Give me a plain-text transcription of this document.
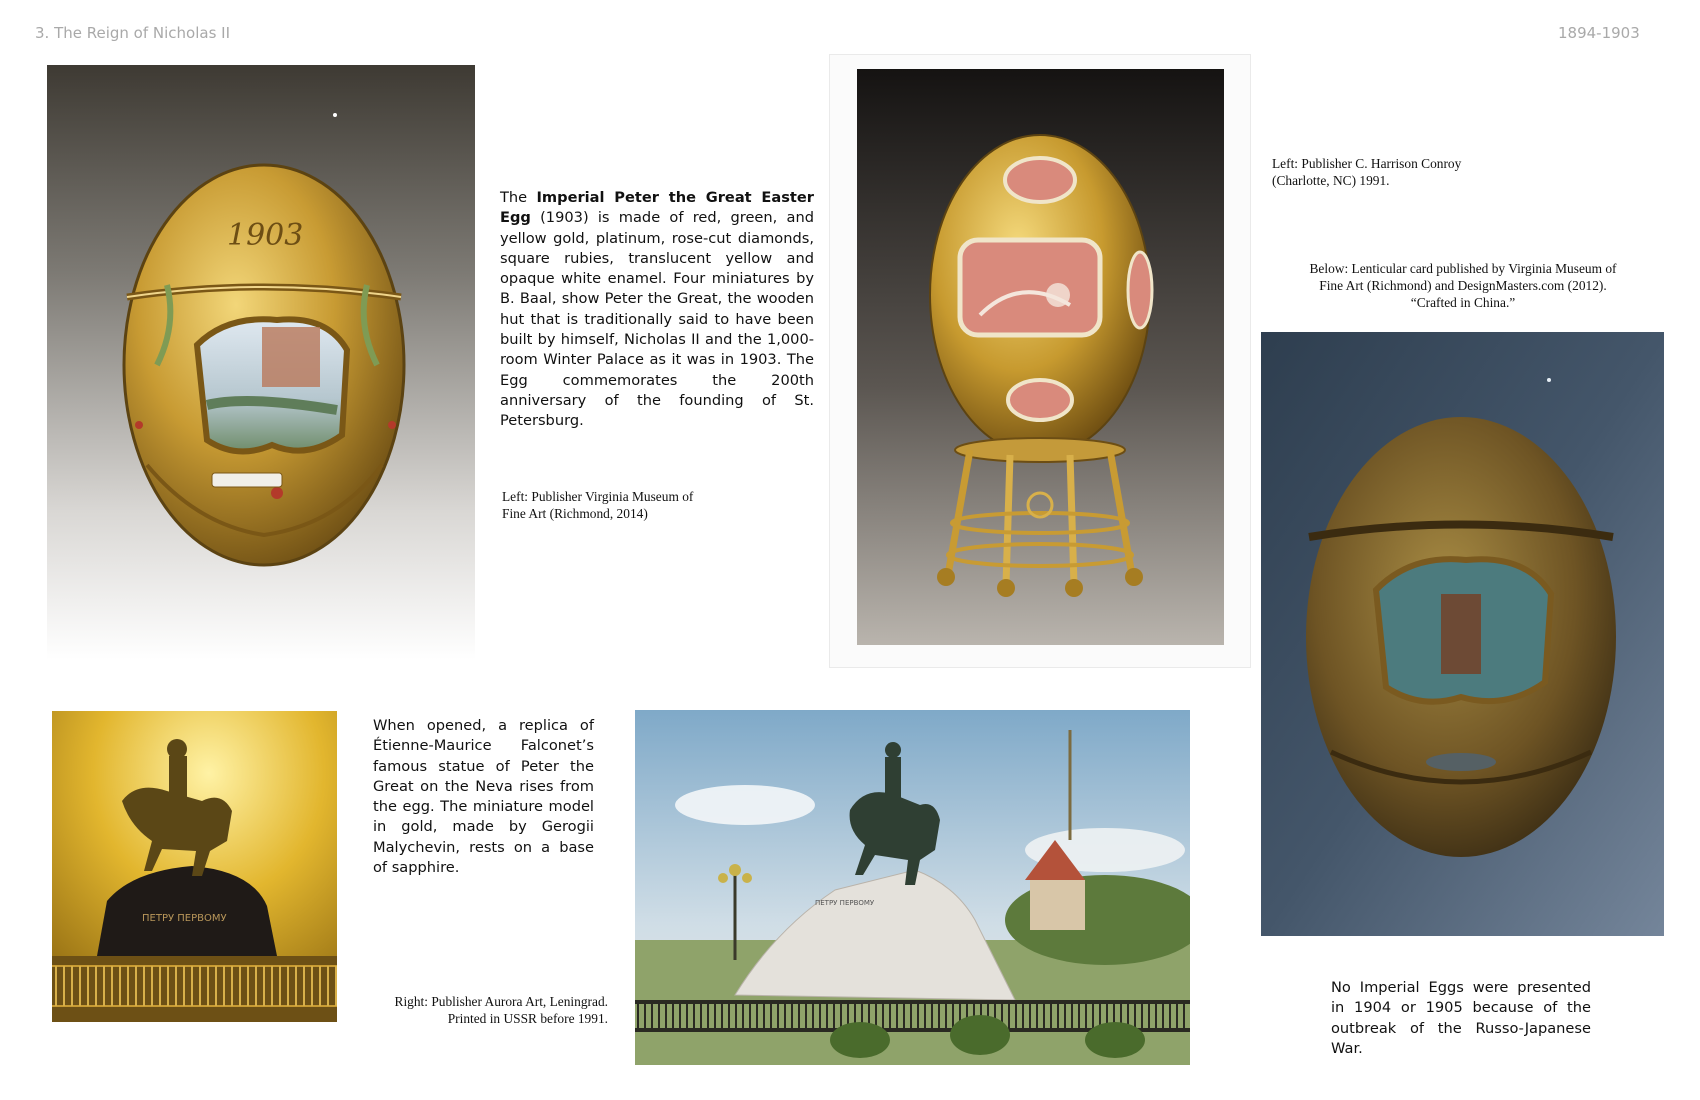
3. The Reign of Nicholas II	1894-1903
1903
The Imperial Peter the Great Easter Egg (1903) is made of red, green, and yellow gold, platinum, rose-cut diamonds, square rubies, translucent yellow and opaque white enamel. Four miniatures by B. Baal, show Peter the Great, the wooden hut that is traditionally said to have been built by himself, Nicholas II and the 1,000-room Winter Palace as it was in 1903. The Egg commemorates the 200th anniversary of the founding of St. Petersburg.
Left: Publisher Virginia Museum of
Fine Art (Richmond, 2014)
Left: Publisher C. Harrison Conroy
(Charlotte, NC) 1991.
Below: Lenticular card published by Virginia Museum of
Fine Art (Richmond) and DesignMasters.com (2012).
“Crafted in China.”
ПЕТРУ ПЕРВОМУ
When opened, a replica of Étienne-Maurice Falconet’s famous statue of Peter the Great on the Neva rises from the egg. The miniature model in gold, made by Gerogii Malychevin, rests on a base of sapphire.
Right: Publisher Aurora Art, Leningrad.
Printed in USSR before 1991.
ПЕТРУ ПЕРВОМУ
No Imperial Eggs were presented in 1904 or 1905 because of the outbreak of the Russo-Japanese War.
